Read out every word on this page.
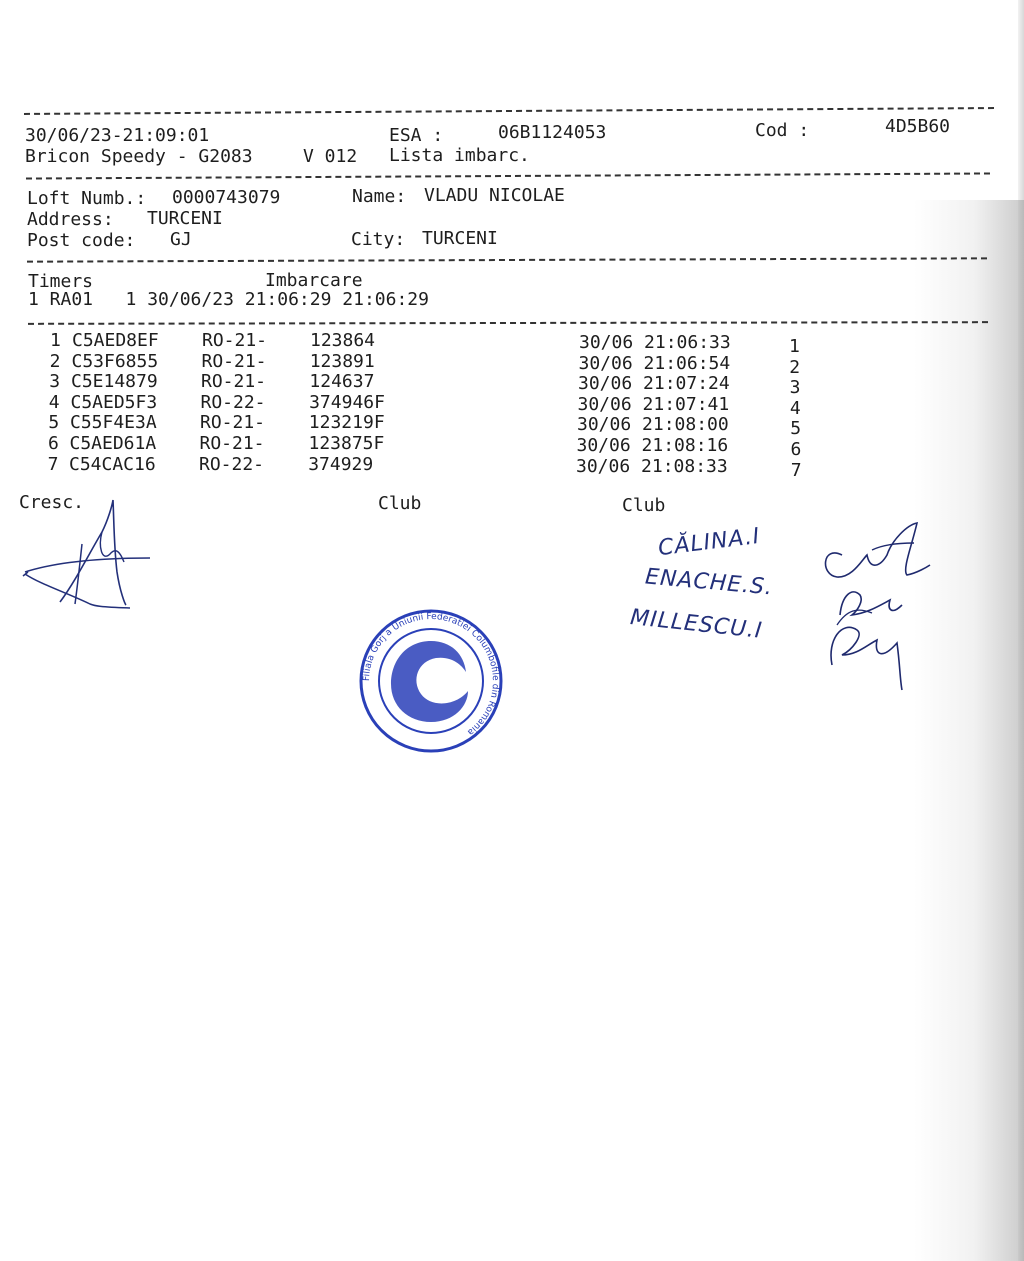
30/06/23-21:09:01	ESA :	06B1124053	Cod :	4D5B60
Bricon Speedy - G2083	V 012 Lista imbarc.
Loft Numb.: 0000743079	Name: VLADU NICOLAE
Address: TURCENI
Post code: GJ	City: TURCENI
Timers	Imbarcare
1 RA01   1 30/06/23 21:06:29 21:06:29
1 C5AED8EF RO-21- 123864	30/06 21:06:33	1
2 C53F6855 RO-21- 123891	30/06 21:06:54	2
3 C5E14879 RO-21- 124637	30/06 21:07:24	3
4 C5AED5F3 RO-22- 374946F	30/06 21:07:41	4
5 C55F4E3A RO-21- 123219F	30/06 21:08:00	5
6 C5AED61A RO-21- 123875F	30/06 21:08:16	6
7 C54CAC16 RO-22- 374929	30/06 21:08:33	7
Cresc.	Club	Club
Filiala Gorj a Uniunii Federatiei Columbofile din Romania
CĂLINA.I
ENACHE.S.
MILLESCU.I
